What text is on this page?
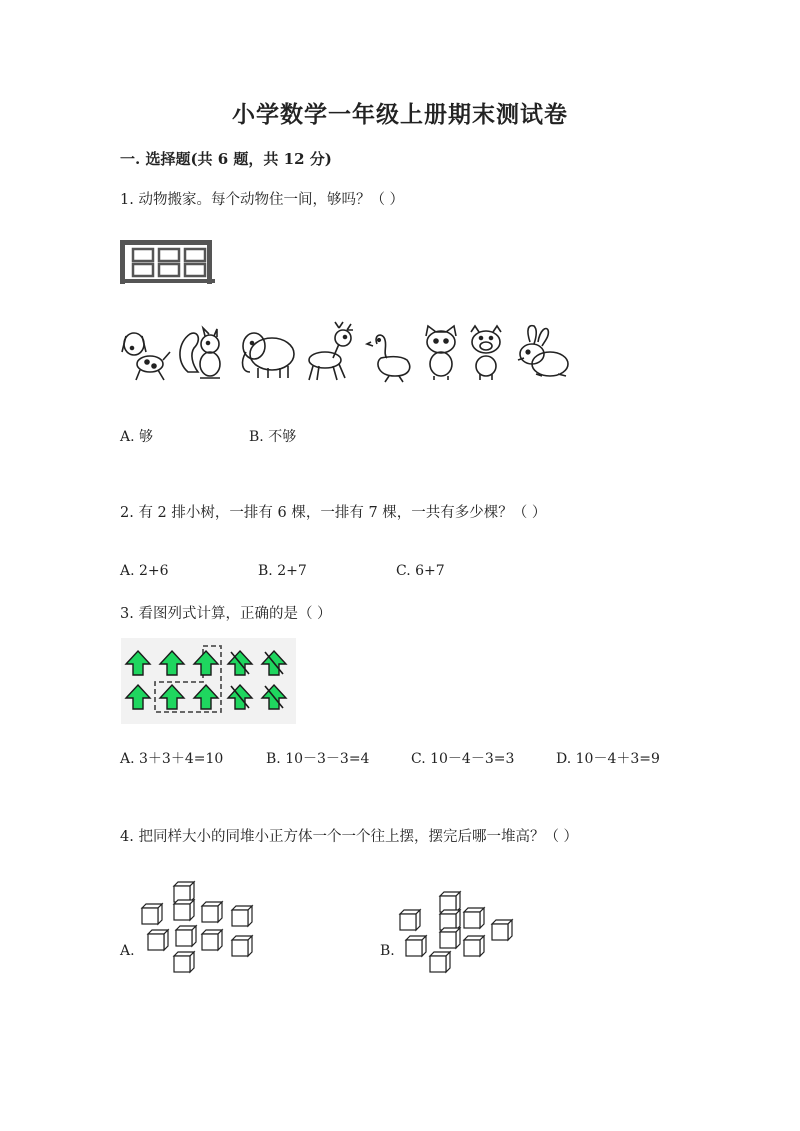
小学数学一年级上册期末测试卷
一. 选择题(共 6 题，共 12 分)
1. 动物搬家。每个动物住一间，够吗？（ ）
A. 够	B. 不够
2. 有 2 排小树，一排有 6 棵，一排有 7 棵，一共有多少棵？（ ）
A. 2+6	B. 2+7	C. 6+7
3. 看图列式计算，正确的是（ ）
A. 3＋3＋4=10	B. 10－3－3=4	C. 10－4－3=3	D. 10－4＋3=9
4. 把同样大小的同堆小正方体一个一个往上摆，摆完后哪一堆高？（ ）
A.	B.
